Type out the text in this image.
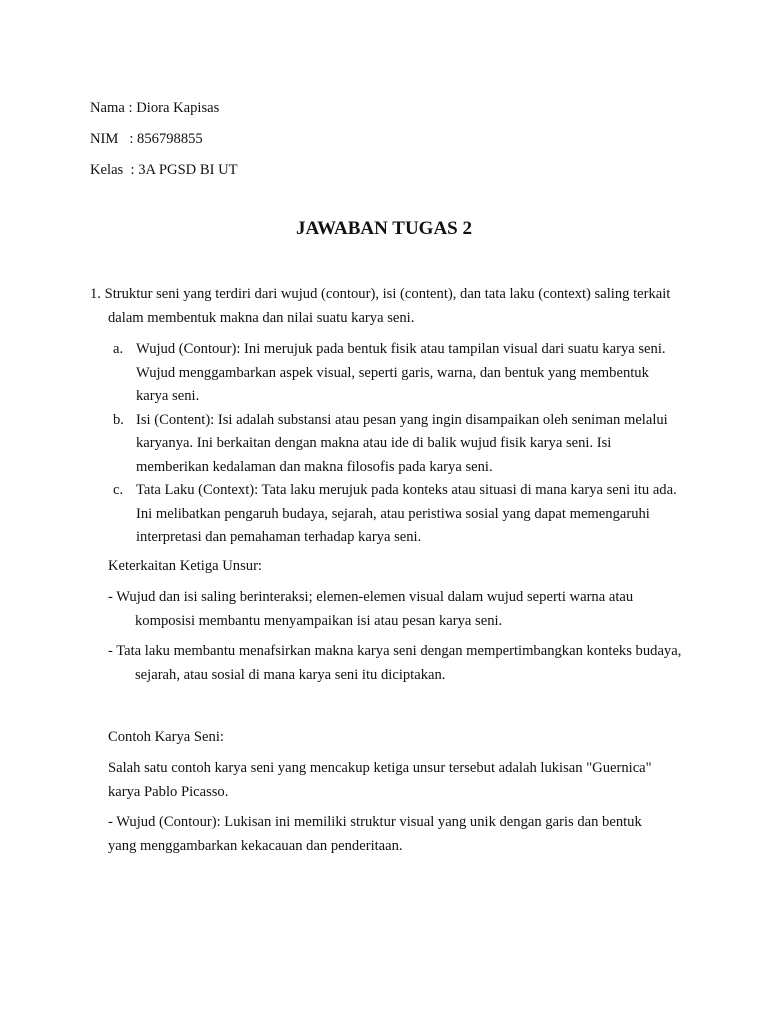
Nama : Diora Kapisas
NIM   : 856798855
Kelas  : 3A PGSD BI UT
JAWABAN TUGAS 2
1. Struktur seni yang terdiri dari wujud (contour), isi (content), dan tata laku (context) saling terkait dalam membentuk makna dan nilai suatu karya seni.
a. Wujud (Contour): Ini merujuk pada bentuk fisik atau tampilan visual dari suatu karya seni. Wujud menggambarkan aspek visual, seperti garis, warna, dan bentuk yang membentuk karya seni.
b. Isi (Content): Isi adalah substansi atau pesan yang ingin disampaikan oleh seniman melalui karyanya. Ini berkaitan dengan makna atau ide di balik wujud fisik karya seni. Isi memberikan kedalaman dan makna filosofis pada karya seni.
c. Tata Laku (Context): Tata laku merujuk pada konteks atau situasi di mana karya seni itu ada. Ini melibatkan pengaruh budaya, sejarah, atau peristiwa sosial yang dapat memengaruhi interpretasi dan pemahaman terhadap karya seni.
Keterkaitan Ketiga Unsur:
- Wujud dan isi saling berinteraksi; elemen-elemen visual dalam wujud seperti warna atau komposisi membantu menyampaikan isi atau pesan karya seni.
- Tata laku membantu menafsirkan makna karya seni dengan mempertimbangkan konteks budaya, sejarah, atau sosial di mana karya seni itu diciptakan.
Contoh Karya Seni:
Salah satu contoh karya seni yang mencakup ketiga unsur tersebut adalah lukisan "Guernica" karya Pablo Picasso.
- Wujud (Contour): Lukisan ini memiliki struktur visual yang unik dengan garis dan bentuk yang menggambarkan kekacauan dan penderitaan.
